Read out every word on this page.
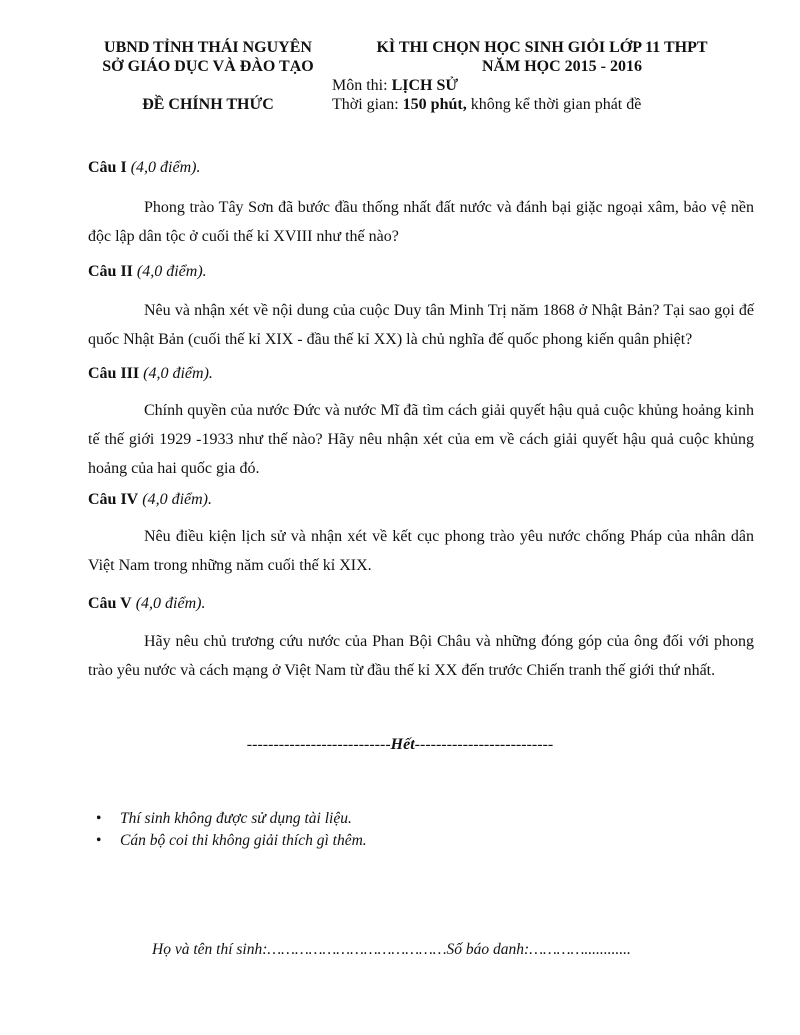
UBND TỈNH THÁI NGUYÊN
SỞ GIÁO DỤC VÀ ĐÀO TẠO
ĐỀ CHÍNH THỨC
KÌ THI CHỌN HỌC SINH GIỎI LỚP 11 THPT
NĂM HỌC 2015 - 2016
Môn thi: LỊCH SỬ
Thời gian: 150 phút, không kể thời gian phát đề
Câu I (4,0 điểm).
Phong trào Tây Sơn đã bước đầu thống nhất đất nước và đánh bại giặc ngoại xâm, bảo vệ nền độc lập dân tộc ở cuối thế kỉ XVIII như thế nào?
Câu II (4,0 điểm).
Nêu và nhận xét về nội dung của cuộc Duy tân Minh Trị năm 1868 ở Nhật Bản? Tại sao gọi đế quốc Nhật Bản (cuối thế kỉ XIX - đầu thế kỉ XX) là chủ nghĩa đế quốc phong kiến quân phiệt?
Câu III (4,0 điểm).
Chính quyền của nước Đức và nước Mĩ đã tìm cách giải quyết hậu quả cuộc khủng hoảng kinh tế thế giới 1929 -1933 như thế nào? Hãy nêu nhận xét của em về cách giải quyết hậu quả cuộc khủng hoảng của hai quốc gia đó.
Câu IV (4,0 điểm).
Nêu điều kiện lịch sử và nhận xét về kết cục phong trào yêu nước chống Pháp của nhân dân Việt Nam trong những năm cuối thế kỉ XIX.
Câu V (4,0 điểm).
Hãy nêu chủ trương cứu nước của Phan Bội Châu và những đóng góp của ông đối với phong trào yêu nước và cách mạng ở Việt Nam từ đầu thế kỉ XX đến trước Chiến tranh thế giới thứ nhất.
---------------------------Hết--------------------------
• Thí sinh không được sử dụng tài liệu.
• Cán bộ coi thi không giải thích gì thêm.
Họ và tên thí sinh:…………………………………Số báo danh:…………............
